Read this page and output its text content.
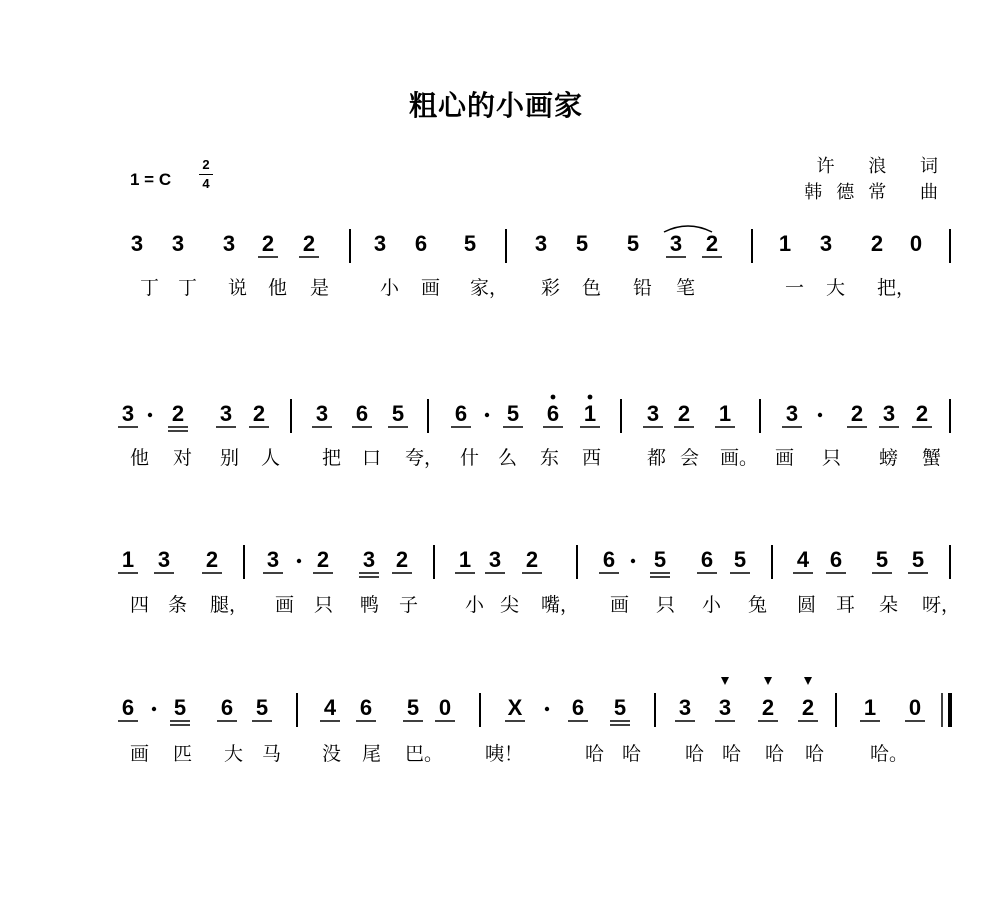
粗心的小画家
1 = C
2
4
许 浪 词
韩德常 曲
3 3 3 2 2	3 6 5	3 5 5 3 2	1 3 2 0
丁 丁 说 他 是	小 画 家， 彩 色 铅 笔	一 大 把，
3 2 3 2 3 6 5 6 5 6 1 3 2 1 3 2 3 2
他 对 别 人 把 口 夸， 什 么 东 西 都 会 画。 画 只 螃 蟹
1 3 2 3 2 3 2 1 3 2	6 5 6 5 4 6 5 5
四 条 腿， 画 只 鸭 子 小 尖 嘴， 画 只 小 兔 圆 耳 朵 呀，
6 5 6 5	4 6 5 0	X 6 5 3 3 2 2 1 0
画 匹 大 马 没 尾 巴。 咦！	哈 哈 哈 哈 哈 哈 哈。
